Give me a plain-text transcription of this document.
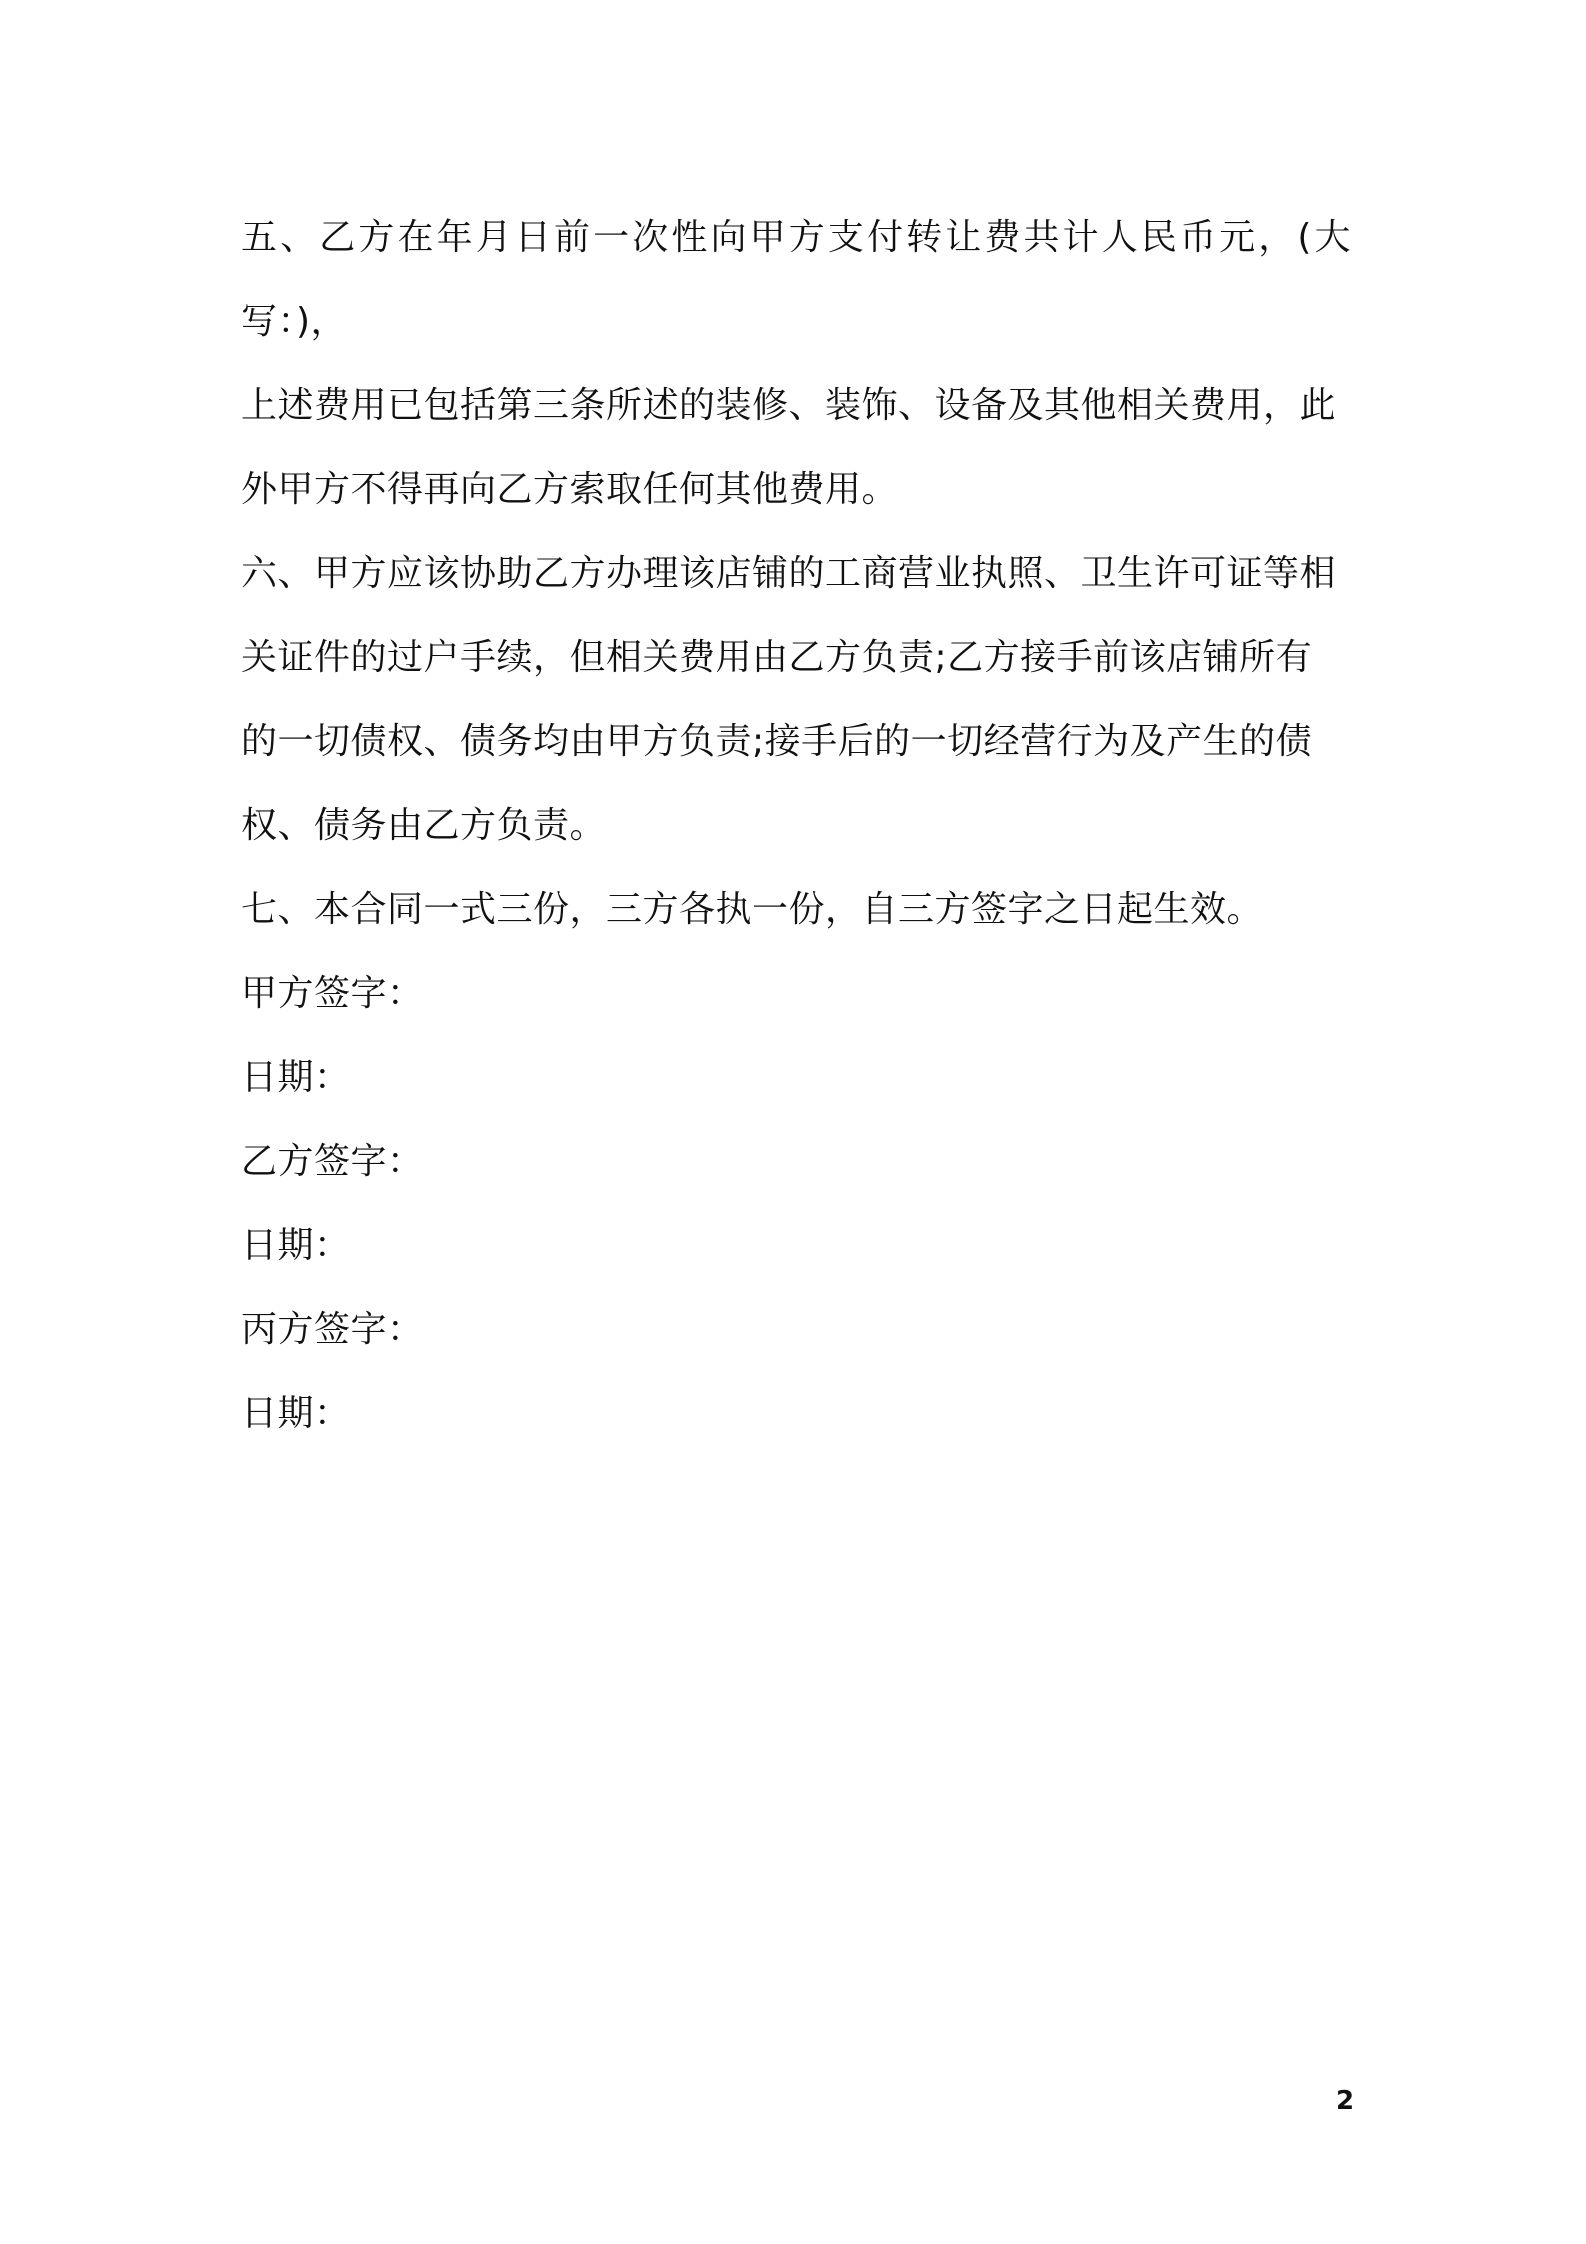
五、乙方在年月日前一次性向甲方支付转让费共计人民币元，(大写：)，

上述费用已包括第三条所述的装修、装饰、设备及其他相关费用，此

外甲方不得再向乙方索取任何其他费用。

六、甲方应该协助乙方办理该店铺的工商营业执照、卫生许可证等相

关证件的过户手续，但相关费用由乙方负责;乙方接手前该店铺所有

的一切债权、债务均由甲方负责;接手后的一切经营行为及产生的债

权、债务由乙方负责。

七、本合同一式三份，三方各执一份，自三方签字之日起生效。

甲方签字：

日期：

乙方签字：

日期：

丙方签字：

日期：

2
